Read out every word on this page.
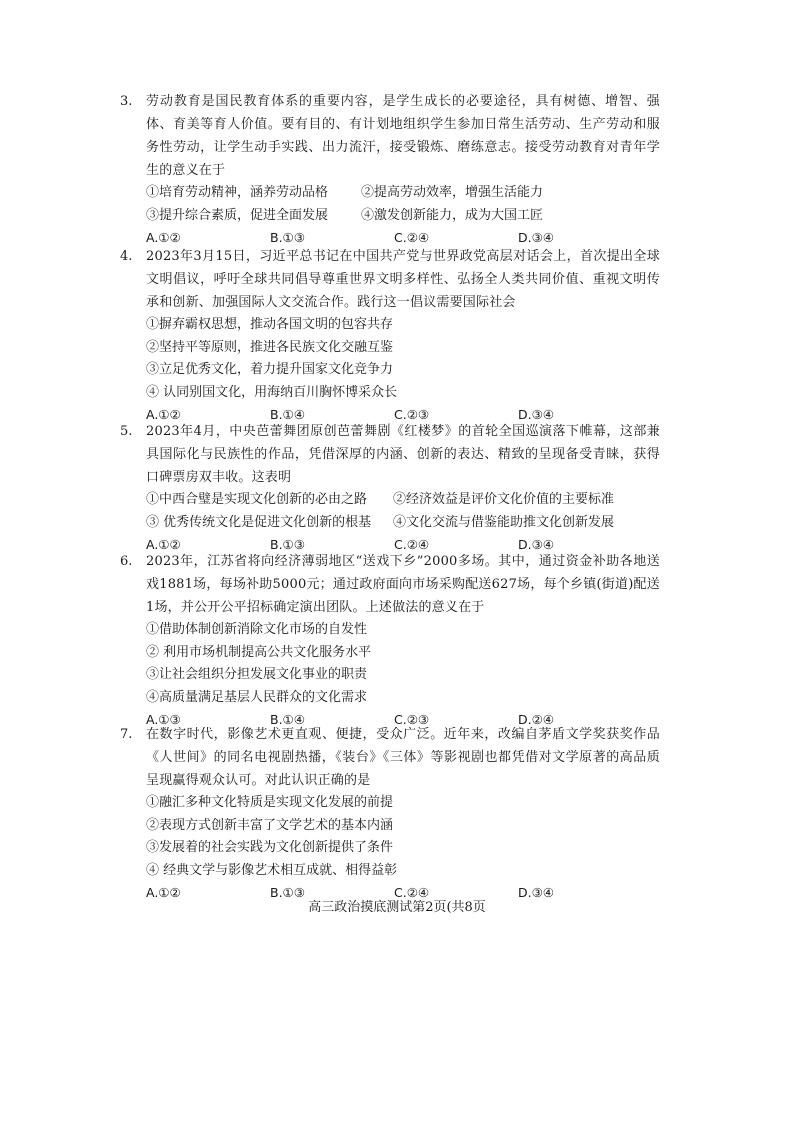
3. 劳动教育是国民教育体系的重要内容，是学生成长的必要途径，具有树德、增智、强体、育美等育人价值。要有目的、有计划地组织学生参加日常生活劳动、生产劳动和服务性劳动，让学生动手实践、出力流汗，接受锻炼、磨练意志。接受劳动教育对青年学生的意义在于
①培育劳动精神，涵养劳动品格	②提高劳动效率，增强生活能力
③提升综合素质，促进全面发展	④激发创新能力，成为大国工匠
A.①②	B.①③	C.②④	D.③④
4. 2023年3月15日，习近平总书记在中国共产党与世界政党高层对话会上，首次提出全球文明倡议，呼吁全球共同倡导尊重世界文明多样性、弘扬全人类共同价值、重视文明传承和创新、加强国际人文交流合作。践行这一倡议需要国际社会
①摒弃霸权思想，推动各国文明的包容共存
②坚持平等原则，推进各民族文化交融互鉴
③立足优秀文化，着力提升国家文化竞争力
④ 认同别国文化，用海纳百川胸怀博采众长
A.①②	B.①④	C.②③	D.③④
5. 2023年4月，中央芭蕾舞团原创芭蕾舞剧《红楼梦》的首轮全国巡演落下帷幕，这部兼具国际化与民族性的作品，凭借深厚的内涵、创新的表达、精致的呈现备受青睐，获得口碑票房双丰收。这表明
①中西合璧是实现文化创新的必由之路	②经济效益是评价文化价值的主要标准
③ 优秀传统文化是促进文化创新的根基	④文化交流与借鉴能助推文化创新发展
A.①②	B.①③	C.②④	D.③④
6. 2023年，江苏省将向经济薄弱地区“送戏下乡”2000多场。其中，通过资金补助各地送戏1881场，每场补助5000元；通过政府面向市场采购配送627场，每个乡镇(街道)配送1场，并公开公平招标确定演出团队。上述做法的意义在于
①借助体制创新消除文化市场的自发性
② 利用市场机制提高公共文化服务水平
③让社会组织分担发展文化事业的职责
④高质量满足基层人民群众的文化需求
A.①③	B.①④	C.②③	D.②④
7. 在数字时代，影像艺术更直观、便捷，受众广泛。近年来，改编自茅盾文学奖获奖作品《人世间》的同名电视剧热播，《装台》《三体》等影视剧也都凭借对文学原著的高品质呈现赢得观众认可。对此认识正确的是
①融汇多种文化特质是实现文化发展的前提
②表现方式创新丰富了文学艺术的基本内涵
③发展着的社会实践为文化创新提供了条件
④ 经典文学与影像艺术相互成就、相得益彰
A.①②	B.①③	C.②④	D.③④
高三政治摸底测试第2页(共8页
